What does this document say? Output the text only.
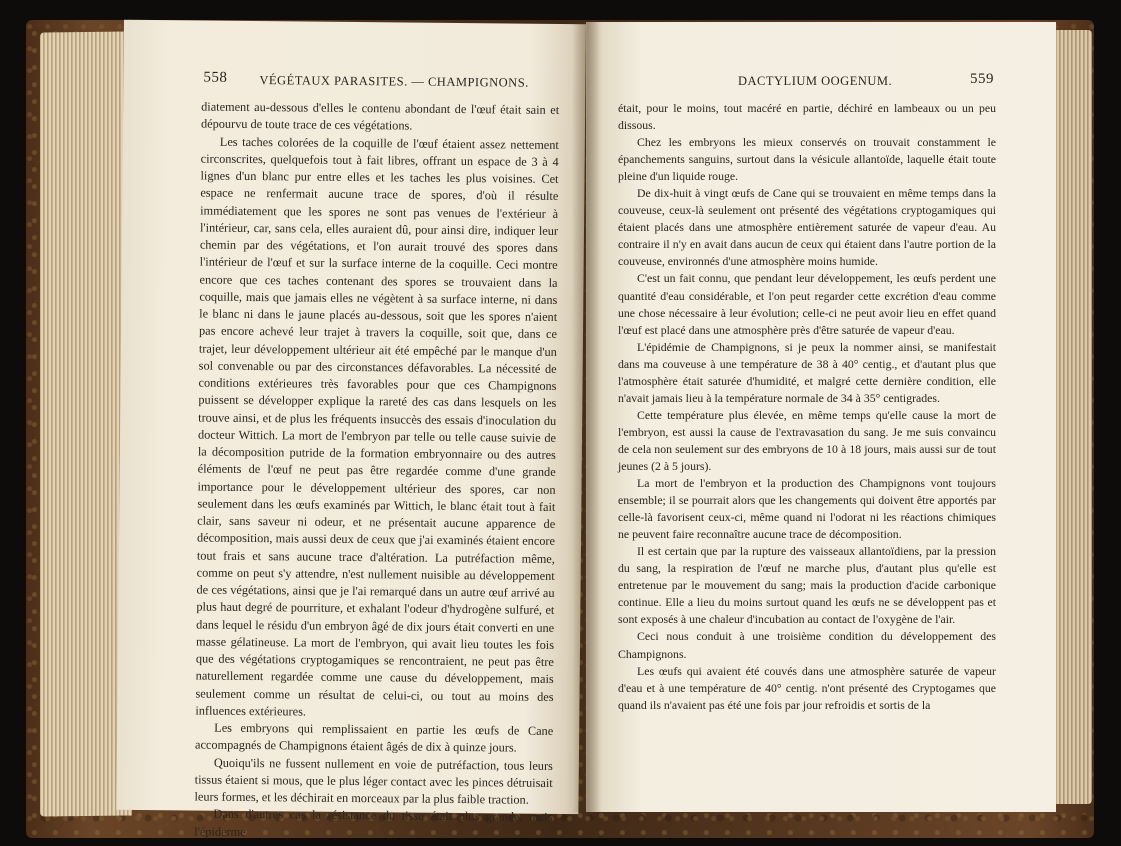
558	VÉGÉTAUX PARASITES. — CHAMPIGNONS.

diatement au-dessous d'elles le contenu abondant de l'œuf était sain et dépourvu de toute trace de ces végétations.

Les taches colorées de la coquille de l'œuf étaient assez nettement circonscrites, quelquefois tout à fait libres, offrant un espace de 3 à 4 lignes d'un blanc pur entre elles et les taches les plus voisines. Cet espace ne renfermait aucune trace de spores, d'où il résulte immédiatement que les spores ne sont pas venues de l'extérieur à l'intérieur, car, sans cela, elles auraient dû, pour ainsi dire, indiquer leur chemin par des végétations, et l'on aurait trouvé des spores dans l'intérieur de l'œuf et sur la surface interne de la coquille. Ceci montre encore que ces taches contenant des spores se trouvaient dans la coquille, mais que jamais elles ne végètent à sa surface interne, ni dans le blanc ni dans le jaune placés au-dessous, soit que les spores n'aient pas encore achevé leur trajet à travers la coquille, soit que, dans ce trajet, leur développement ultérieur ait été empêché par le manque d'un sol convenable ou par des circonstances défavorables. La nécessité de conditions extérieures très favorables pour que ces Champignons puissent se développer explique la rareté des cas dans lesquels on les trouve ainsi, et de plus les fréquents insuccès des essais d'inoculation du docteur Wittich. La mort de l'embryon par telle ou telle cause suivie de la décomposition putride de la formation embryonnaire ou des autres éléments de l'œuf ne peut pas être regardée comme d'une grande importance pour le développement ultérieur des spores, car non seulement dans les œufs examinés par Wittich, le blanc était tout à fait clair, sans saveur ni odeur, et ne présentait aucune apparence de décomposition, mais aussi deux de ceux que j'ai examinés étaient encore tout frais et sans aucune trace d'altération. La putréfaction même, comme on peut s'y attendre, n'est nullement nuisible au développement de ces végétations, ainsi que je l'ai remarqué dans un autre œuf arrivé au plus haut degré de pourriture, et exhalant l'odeur d'hydrogène sulfuré, et dans lequel le résidu d'un embryon âgé de dix jours était converti en une masse gélatineuse. La mort de l'embryon, qui avait lieu toutes les fois que des végétations cryptogamiques se rencontraient, ne peut pas être naturellement regardée comme une cause du développement, mais seulement comme un résultat de celui-ci, ou tout au moins des influences extérieures.

Les embryons qui remplissaient en partie les œufs de Cane accompagnés de Champignons étaient âgés de dix à quinze jours.

Quoiqu'ils ne fussent nullement en voie de putréfaction, tous leurs tissus étaient si mous, que le plus léger contact avec les pinces détruisait leurs formes, et les déchirait en morceaux par la plus faible traction.

Dans d'autres cas la résistance du tissu était plus grande, mais l'épiderme

DACTYLIUM OOGENUM.	559

était, pour le moins, tout macéré en partie, déchiré en lambeaux ou un peu dissous.

Chez les embryons les mieux conservés on trouvait constamment le épanchements sanguins, surtout dans la vésicule allantoïde, laquelle était toute pleine d'un liquide rouge.

De dix-huit à vingt œufs de Cane qui se trouvaient en même temps dans la couveuse, ceux-là seulement ont présenté des végétations cryptogamiques qui étaient placés dans une atmosphère entièrement saturée de vapeur d'eau. Au contraire il n'y en avait dans aucun de ceux qui étaient dans l'autre portion de la couveuse, environnés d'une atmosphère moins humide.

C'est un fait connu, que pendant leur développement, les œufs perdent une quantité d'eau considérable, et l'on peut regarder cette excrétion d'eau comme une chose nécessaire à leur évolution; celle-ci ne peut avoir lieu en effet quand l'œuf est placé dans une atmosphère près d'être saturée de vapeur d'eau.

L'épidémie de Champignons, si je peux la nommer ainsi, se manifestait dans ma couveuse à une température de 38 à 40° centig., et d'autant plus que l'atmosphère était saturée d'humidité, et malgré cette dernière condition, elle n'avait jamais lieu à la température normale de 34 à 35° centigrades.

Cette température plus élevée, en même temps qu'elle cause la mort de l'embryon, est aussi la cause de l'extravasation du sang. Je me suis convaincu de cela non seulement sur des embryons de 10 à 18 jours, mais aussi sur de tout jeunes (2 à 5 jours).

La mort de l'embryon et la production des Champignons vont toujours ensemble; il se pourrait alors que les changements qui doivent être apportés par celle-là favorisent ceux-ci, même quand ni l'odorat ni les réactions chimiques ne peuvent faire reconnaître aucune trace de décomposition.

Il est certain que par la rupture des vaisseaux allantoïdiens, par la pression du sang, la respiration de l'œuf ne marche plus, d'autant plus qu'elle est entretenue par le mouvement du sang; mais la production d'acide carbonique continue. Elle a lieu du moins surtout quand les œufs ne se développent pas et sont exposés à une chaleur d'incubation au contact de l'oxygène de l'air.

Ceci nous conduit à une troisième condition du développement des Champignons.

Les œufs qui avaient été couvés dans une atmosphère saturée de vapeur d'eau et à une température de 40° centig. n'ont présenté des Cryptogames que quand ils n'avaient pas été une fois par jour refroidis et sortis de la
